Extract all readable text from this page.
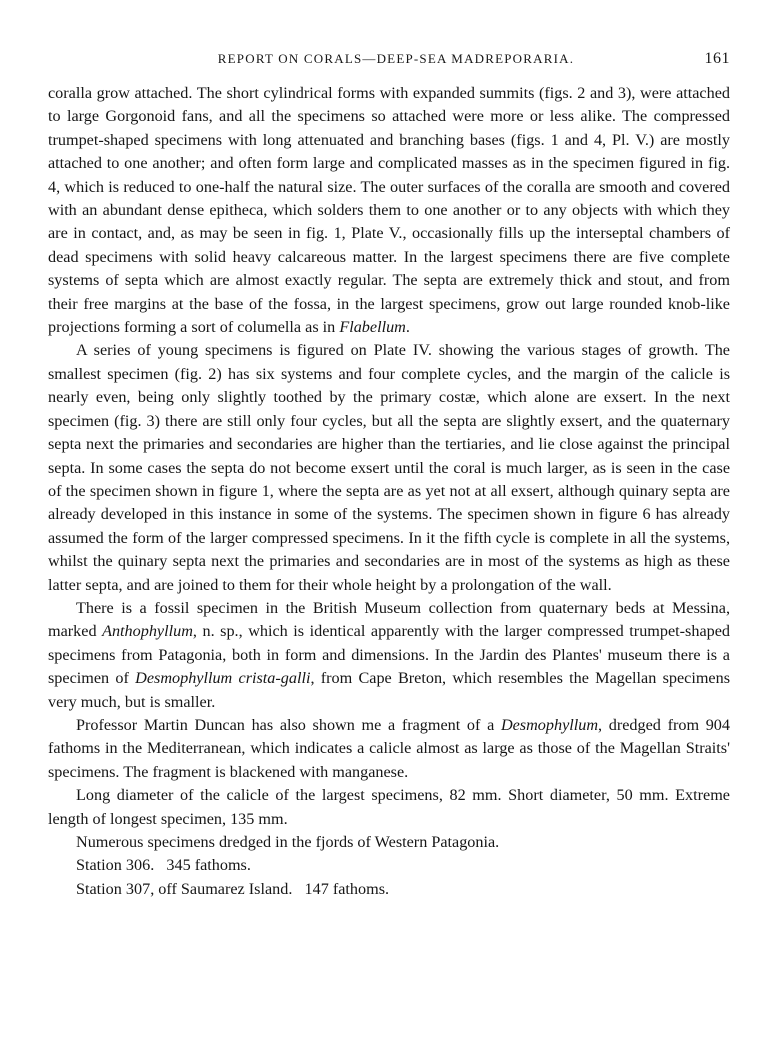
REPORT ON CORALS—DEEP-SEA MADREPORARIA.	161

coralla grow attached. The short cylindrical forms with expanded summits (figs. 2 and 3), were attached to large Gorgonoid fans, and all the specimens so attached were more or less alike. The compressed trumpet-shaped specimens with long attenuated and branching bases (figs. 1 and 4, Pl. V.) are mostly attached to one another; and often form large and complicated masses as in the specimen figured in fig. 4, which is reduced to one-half the natural size. The outer surfaces of the coralla are smooth and covered with an abundant dense epitheca, which solders them to one another or to any objects with which they are in contact, and, as may be seen in fig. 1, Plate V., occasionally fills up the interseptal chambers of dead specimens with solid heavy calcareous matter. In the largest specimens there are five complete systems of septa which are almost exactly regular. The septa are extremely thick and stout, and from their free margins at the base of the fossa, in the largest specimens, grow out large rounded knob-like projections forming a sort of columella as in Flabellum.

A series of young specimens is figured on Plate IV. showing the various stages of growth. The smallest specimen (fig. 2) has six systems and four complete cycles, and the margin of the calicle is nearly even, being only slightly toothed by the primary costæ, which alone are exsert. In the next specimen (fig. 3) there are still only four cycles, but all the septa are slightly exsert, and the quaternary septa next the primaries and secondaries are higher than the tertiaries, and lie close against the principal septa. In some cases the septa do not become exsert until the coral is much larger, as is seen in the case of the specimen shown in figure 1, where the septa are as yet not at all exsert, although quinary septa are already developed in this instance in some of the systems. The specimen shown in figure 6 has already assumed the form of the larger compressed specimens. In it the fifth cycle is complete in all the systems, whilst the quinary septa next the primaries and secondaries are in most of the systems as high as these latter septa, and are joined to them for their whole height by a prolongation of the wall.

There is a fossil specimen in the British Museum collection from quaternary beds at Messina, marked Anthophyllum, n. sp., which is identical apparently with the larger compressed trumpet-shaped specimens from Patagonia, both in form and dimensions. In the Jardin des Plantes' museum there is a specimen of Desmophyllum crista-galli, from Cape Breton, which resembles the Magellan specimens very much, but is smaller.

Professor Martin Duncan has also shown me a fragment of a Desmophyllum, dredged from 904 fathoms in the Mediterranean, which indicates a calicle almost as large as those of the Magellan Straits' specimens. The fragment is blackened with manganese.

Long diameter of the calicle of the largest specimens, 82 mm. Short diameter, 50 mm. Extreme length of longest specimen, 135 mm.

Numerous specimens dredged in the fjords of Western Patagonia.

Station 306.   345 fathoms.

Station 307, off Saumarez Island.   147 fathoms.
